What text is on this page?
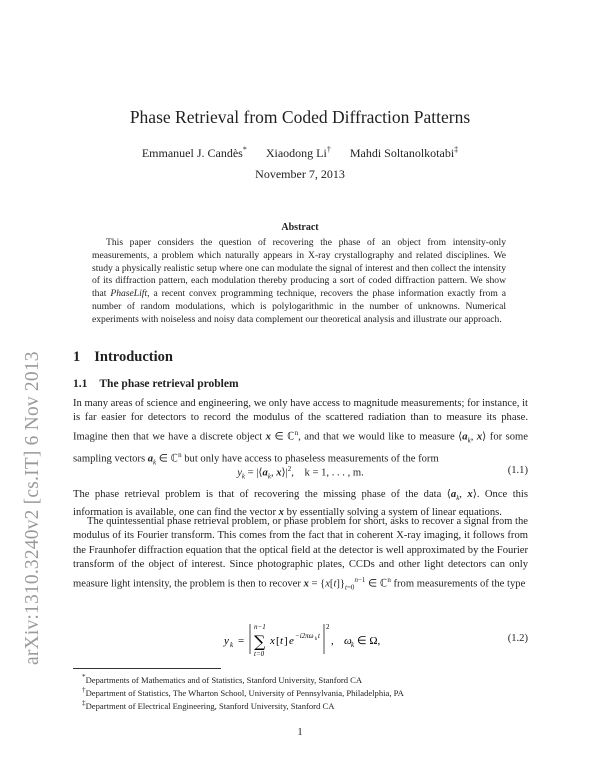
arXiv:1310.3240v2 [cs.IT] 6 Nov 2013
Phase Retrieval from Coded Diffraction Patterns
Emmanuel J. Candès* Xiaodong Li† Mahdi Soltanolkotabi‡
November 7, 2013
Abstract
This paper considers the question of recovering the phase of an object from intensity-only measurements, a problem which naturally appears in X-ray crystallography and related disciplines. We study a physically realistic setup where one can modulate the signal of interest and then collect the intensity of its diffraction pattern, each modulation thereby producing a sort of coded diffraction pattern. We show that PhaseLift, a recent convex programming technique, recovers the phase information exactly from a number of random modulations, which is polylogarithmic in the number of unknowns. Numerical experiments with noiseless and noisy data complement our theoretical analysis and illustrate our approach.
1 Introduction
1.1 The phase retrieval problem
In many areas of science and engineering, we only have access to magnitude measurements; for instance, it is far easier for detectors to record the modulus of the scattered radiation than to measure its phase. Imagine then that we have a discrete object x ∈ ℂ$^n$, and that we would like to measure $⟨a_k$, x⟩ for some sampling vectors $a_k$ ∈ ℂ$^n$ but only have access to phaseless measurements of the form
$y_k$ = $|⟨a_k$, $x⟩|^2$,    k = 1, . . . , m.	(1.1)
The phase retrieval problem is that of recovering the missing phase of the data $⟨a_k$, x⟩. Once this information is available, one can find the vector x by essentially solving a system of linear equations.
The quintessential phase retrieval problem, or phase problem for short, asks to recover a signal from the modulus of its Fourier transform. This comes from the fact that in coherent X-ray imaging, it follows from the Fraunhofer diffraction equation that the optical field at the detector is well approximated by the Fourier transform of the object of interest. Since photographic plates, CCDs and other light detectors can only measure light intensity, the problem is then to recover $x = \{x[t]\}_{t=0}^{n-1}$ ∈ ℂ$^n$ from measurements of the type
y k =
n−1
∑
t=0
x [ t ] e −i2πω k t
2
, ω k ∈ Ω,	(1.2)
*Departments of Mathematics and of Statistics, Stanford University, Stanford CA
†Department of Statistics, The Wharton School, University of Pennsylvania, Philadelphia, PA
‡Department of Electrical Engineering, Stanford University, Stanford CA
1
